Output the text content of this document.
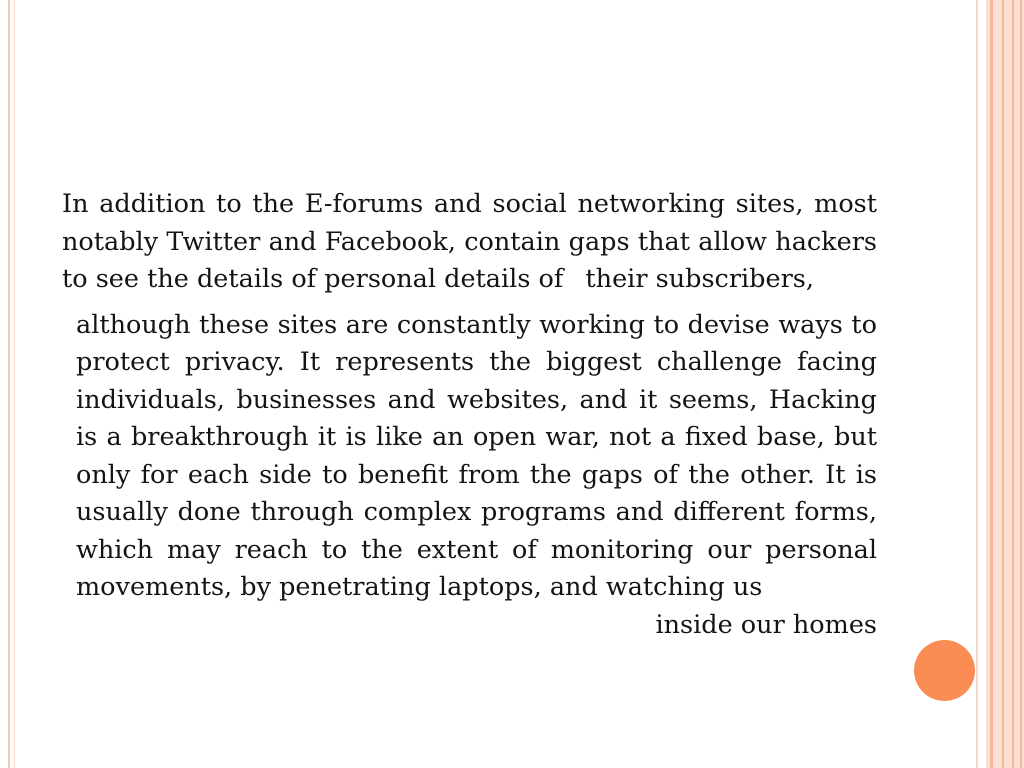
In addition to the E-forums and social networking sites, most notably Twitter and Facebook, contain gaps that allow hackers to see the details of personal details of their subscribers,

although these sites are constantly working to devise ways to protect privacy. It represents the biggest challenge facing individuals, businesses and websites, and it seems, Hacking is a breakthrough it is like an open war, not a fixed base, but only for each side to benefit from the gaps of the other. It is usually done through complex programs and different forms, which may reach to the extent of monitoring our personal movements, by penetrating laptops, and watching us
inside our homes
